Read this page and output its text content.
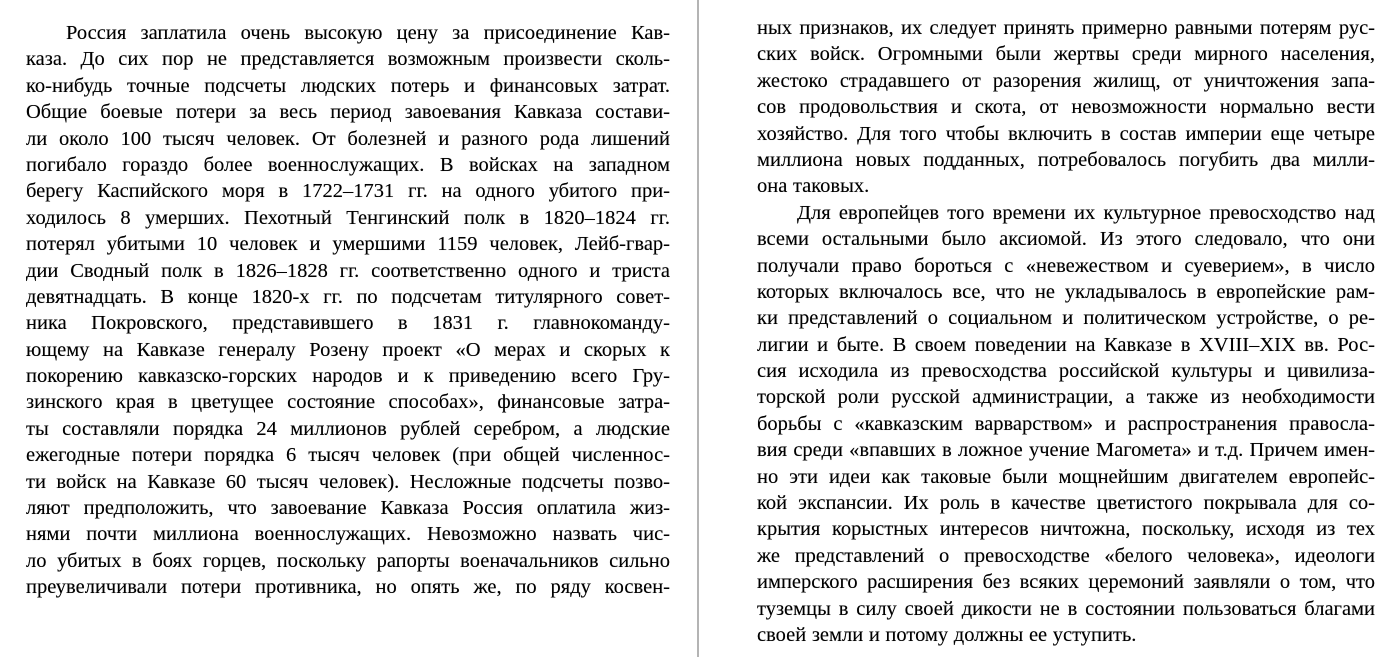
Россия заплатила очень высокую цену за присоединение Кав-
каза. До сих пор не представляется возможным произвести сколь-
ко-нибудь точные подсчеты людских потерь и финансовых затрат.
Общие боевые потери за весь период завоевания Кавказа состави-
ли около 100 тысяч человек. От болезней и разного рода лишений
погибало гораздо более военнослужащих. В войсках на западном
берегу Каспийского моря в 1722–1731 гг. на одного убитого при-
ходилось 8 умерших. Пехотный Тенгинский полк в 1820–1824 гг.
потерял убитыми 10 человек и умершими 1159 человек, Лейб-гвар-
дии Сводный полк в 1826–1828 гг. соответственно одного и триста
девятнадцать. В конце 1820-х гг. по подсчетам титулярного совет-
ника Покровского, представившего в 1831 г. главнокоманду-
ющему на Кавказе генералу Розену проект «О мерах и скорых к
покорению кавказско-горских народов и к приведению всего Гру-
зинского края в цветущее состояние способах», финансовые затра-
ты составляли порядка 24 миллионов рублей серебром, а людские
ежегодные потери порядка 6 тысяч человек (при общей численнос-
ти войск на Кавказе 60 тысяч человек). Несложные подсчеты позво-
ляют предположить, что завоевание Кавказа Россия оплатила жиз-
нями почти миллиона военнослужащих. Невозможно назвать чис-
ло убитых в боях горцев, поскольку рапорты военачальников сильно
преувеличивали потери противника, но опять же, по ряду косвен-
ных признаков, их следует принять примерно равными потерям рус-
ских войск. Огромными были жертвы среди мирного населения,
жестоко страдавшего от разорения жилищ, от уничтожения запа-
сов продовольствия и скота, от невозможности нормально вести
хозяйство. Для того чтобы включить в состав империи еще четыре
миллиона новых подданных, потребовалось погубить два милли-
она таковых.
Для европейцев того времени их культурное превосходство над
всеми остальными было аксиомой. Из этого следовало, что они
получали право бороться с «невежеством и суеверием», в число
которых включалось все, что не укладывалось в европейские рам-
ки представлений о социальном и политическом устройстве, о ре-
лигии и быте. В своем поведении на Кавказе в XVIII–XIX вв. Рос-
сия исходила из превосходства российской культуры и цивилиза-
торской роли русской администрации, а также из необходимости
борьбы с «кавказским варварством» и распространения правосла-
вия среди «впавших в ложное учение Магомета» и т.д. Причем имен-
но эти идеи как таковые были мощнейшим двигателем европейс-
кой экспансии. Их роль в качестве цветистого покрывала для со-
крытия корыстных интересов ничтожна, поскольку, исходя из тех
же представлений о превосходстве «белого человека», идеологи
имперского расширения без всяких церемоний заявляли о том, что
туземцы в силу своей дикости не в состоянии пользоваться благами
своей земли и потому должны ее уступить.
